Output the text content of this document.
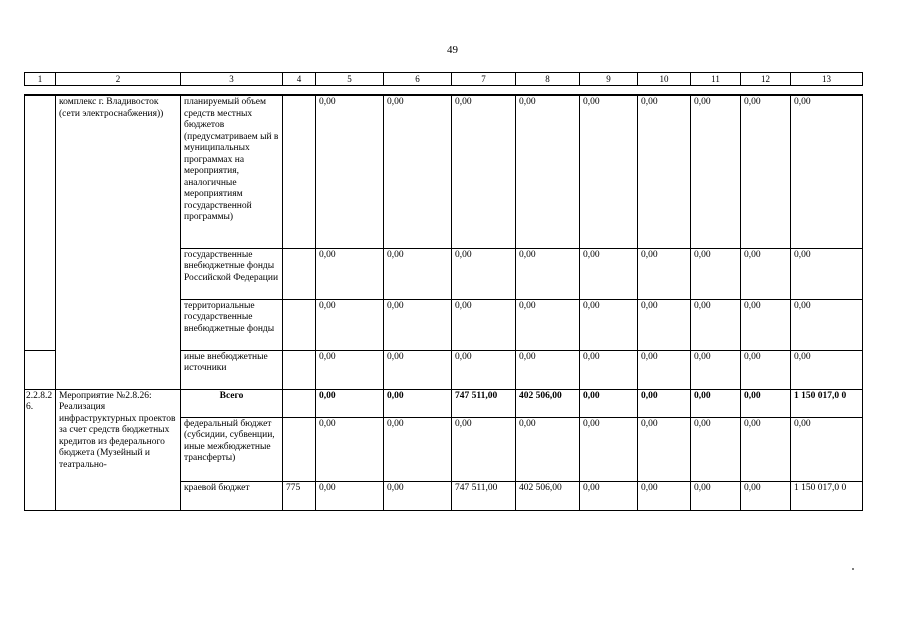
49
1	2	3	4	5	6	7	8	9	10	11	12	13
	комплекс г. Владивосток (сети электроснабжения))	планируемый объем средств местных бюджетов (предусматриваем ый в муниципальных программах на мероприятия, аналогичные мероприятиям государственной программы)		0,00	0,00	0,00	0,00	0,00	0,00	0,00	0,00	0,00
		государственные внебюджетные фонды Российской Федерации		0,00	0,00	0,00	0,00	0,00	0,00	0,00	0,00	0,00
		территориальные государственные внебюджетные фонды		0,00	0,00	0,00	0,00	0,00	0,00	0,00	0,00	0,00
		иные внебюджетные источники		0,00	0,00	0,00	0,00	0,00	0,00	0,00	0,00	0,00
2.2.8.2 6.	Мероприятие №2.8.26: Реализация инфраструктурных проектов за счет средств бюджетных кредитов из федерального бюджета (Музейный и театрально-	Всего		0,00	0,00	747 511,00	402 506,00	0,00	0,00	0,00	0,00	1 150 017,0 0
		федеральный бюджет (субсидии, субвенции, иные межбюджетные трансферты)		0,00	0,00	0,00	0,00	0,00	0,00	0,00	0,00	0,00
		краевой бюджет	775	0,00	0,00	747 511,00	402 506,00	0,00	0,00	0,00	0,00	1 150 017,0 0
